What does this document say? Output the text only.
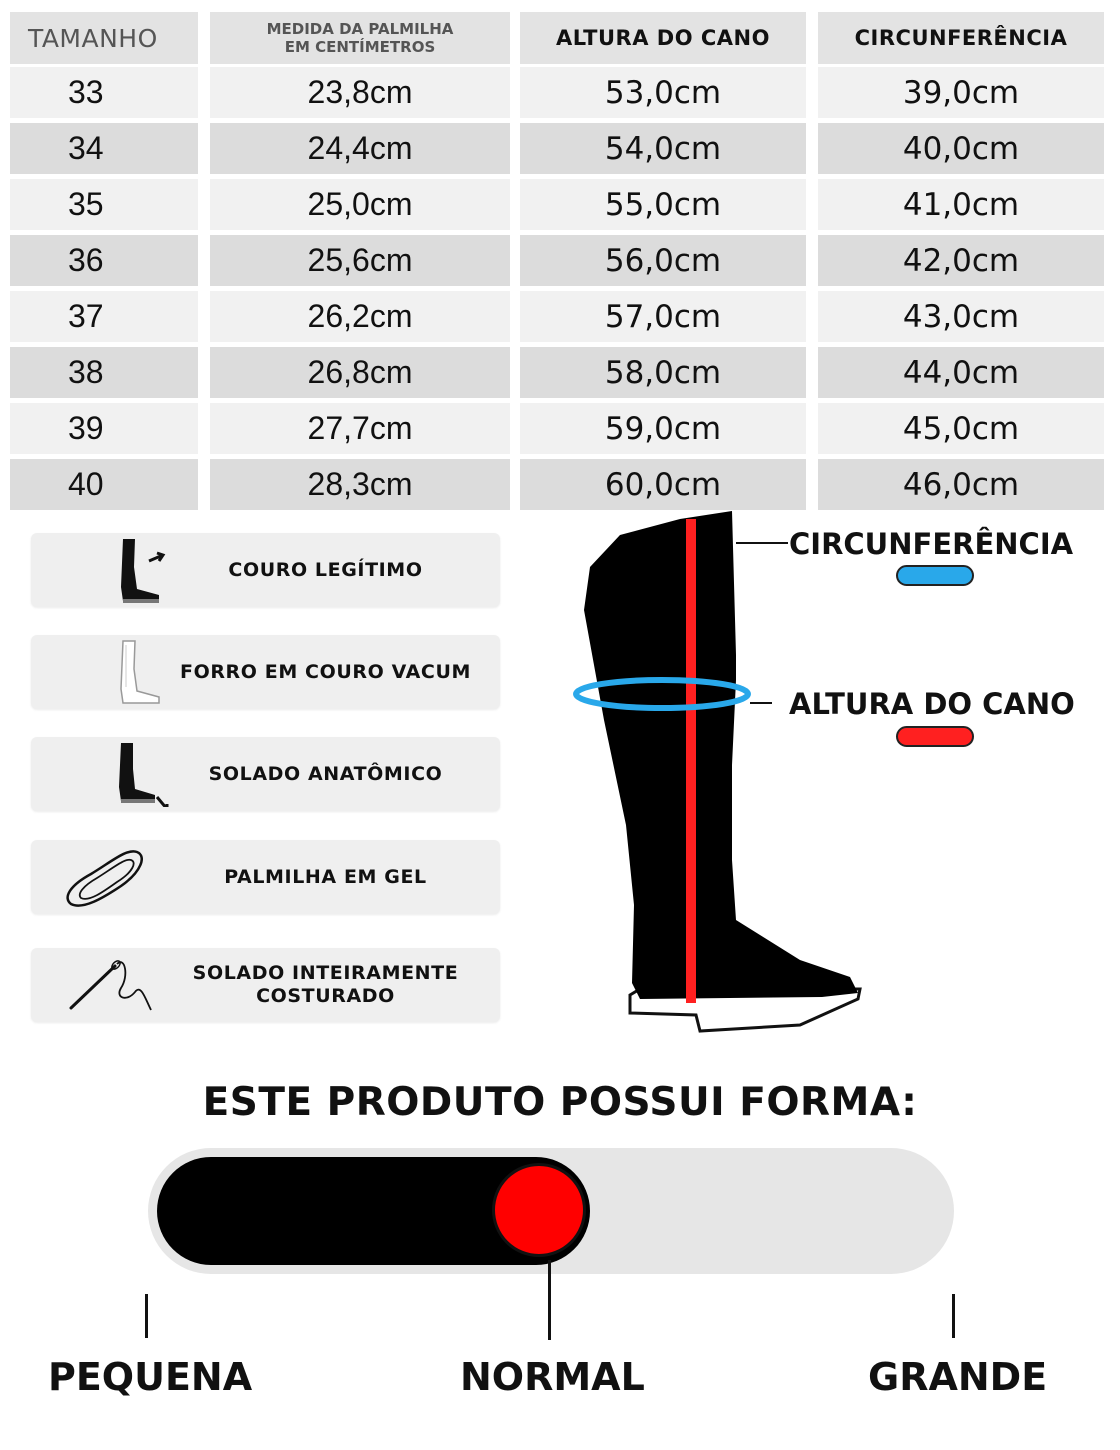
TAMANHO
33
34
35
36
37
38
39
40
MEDIDA DA PALMILHA
EM CENTÍMETROS
23,8cm
24,4cm
25,0cm
25,6cm
26,2cm
26,8cm
27,7cm
28,3cm
ALTURA DO CANO
53,0cm
54,0cm
55,0cm
56,0cm
57,0cm
58,0cm
59,0cm
60,0cm
CIRCUNFERÊNCIA
39,0cm
40,0cm
41,0cm
42,0cm
43,0cm
44,0cm
45,0cm
46,0cm
COURO LEGÍTIMO
FORRO EM COURO VACUM
SOLADO ANATÔMICO
PALMILHA EM GEL
SOLADO INTEIRAMENTE
COSTURADO
CIRCUNFERÊNCIA
ALTURA DO CANO
ESTE PRODUTO POSSUI FORMA:
PEQUENA	NORMAL	GRANDE
